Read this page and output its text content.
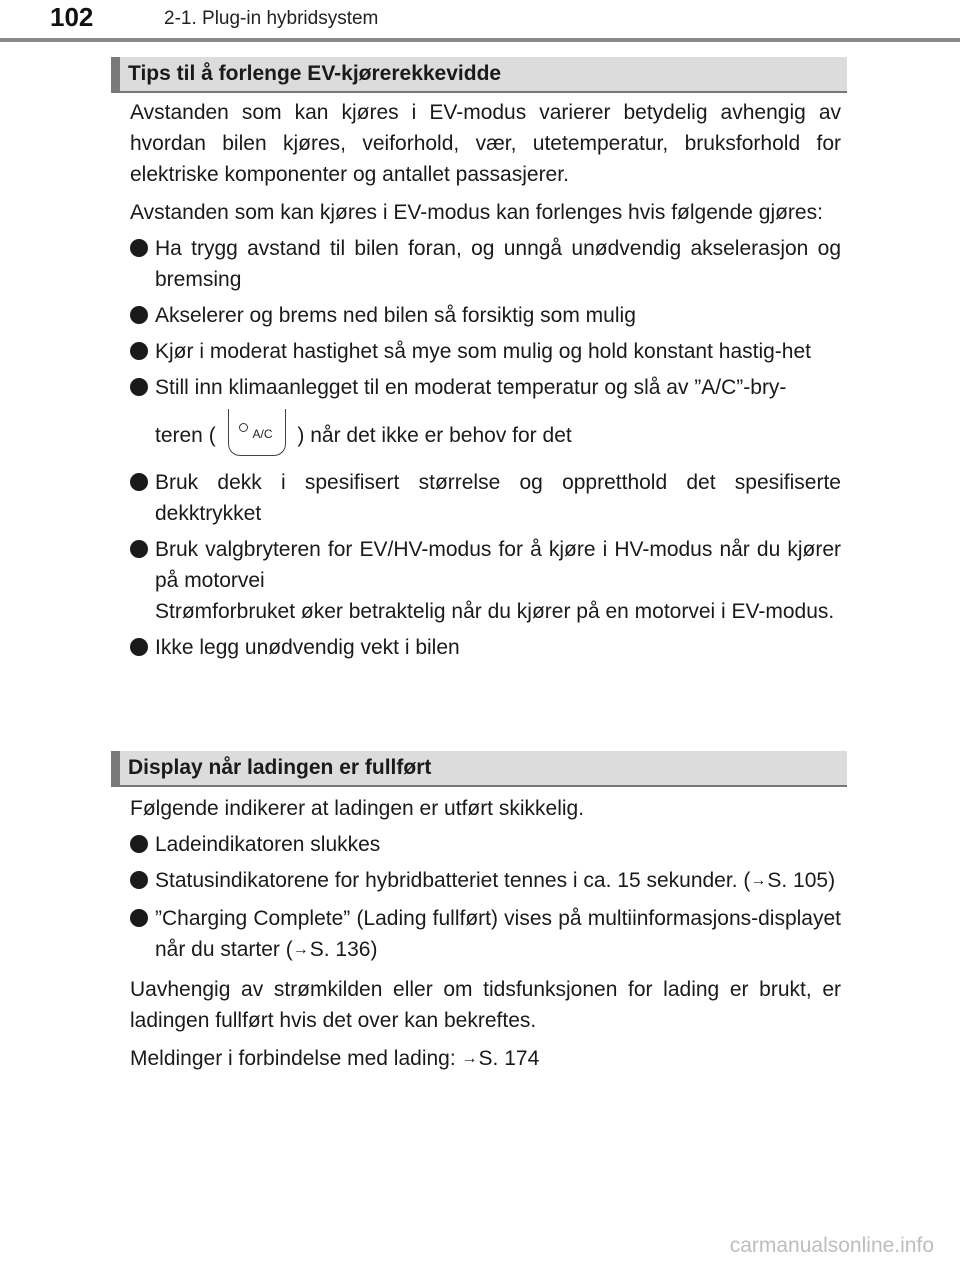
102	2-1. Plug-in hybridsystem
Tips til å forlenge EV-kjørerekkevidde

Avstanden som kan kjøres i EV-modus varierer betydelig avhengig av hvordan bilen kjøres, veiforhold, vær, utetemperatur, bruksforhold for elektriske komponenter og antallet passasjerer.

Avstanden som kan kjøres i EV-modus kan forlenges hvis følgende gjøres:

Ha trygg avstand til bilen foran, og unngå unødvendig akselerasjon og bremsing
Akselerer og brems ned bilen så forsiktig som mulig
Kjør i moderat hastighet så mye som mulig og hold konstant hastig-het
Still inn klimaanlegget til en moderat temperatur og slå av ”A/C”-bry-
teren (	A/C ) når det ikke er behov for det
Bruk dekk i spesifisert størrelse og oppretthold det spesifiserte dekktrykket
Bruk valgbryteren for EV/HV-modus for å kjøre i HV-modus når du kjører på motorvei
Strømforbruket øker betraktelig når du kjører på en motorvei i EV-modus.
Ikke legg unødvendig vekt i bilen
Display når ladingen er fullført

Følgende indikerer at ladingen er utført skikkelig.

Ladeindikatoren slukkes
Statusindikatorene for hybridbatteriet tennes i ca. 15 sekunder. (→S. 105)
”Charging Complete” (Lading fullført) vises på multiinformasjons-displayet når du starter (→S. 136)

Uavhengig av strømkilden eller om tidsfunksjonen for lading er brukt, er ladingen fullført hvis det over kan bekreftes.

Meldinger i forbindelse med lading: →S. 174

carmanualsonline.info
